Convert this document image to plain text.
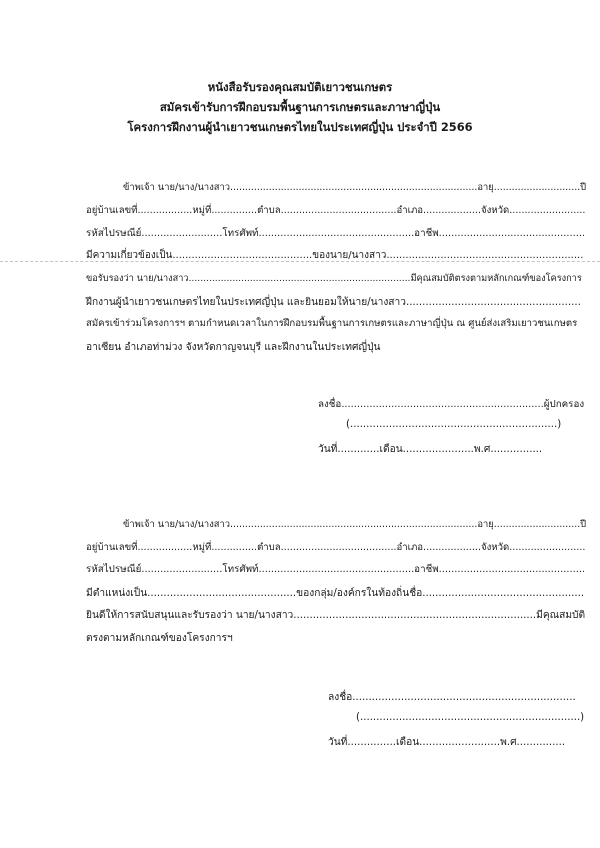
หนังสือรับรองคุณสมบัติเยาวชนเกษตร
สมัครเข้ารับการฝึกอบรมพื้นฐานการเกษตรและภาษาญี่ปุ่น
โครงการฝึกงานผู้นำเยาวชนเกษตรไทยในประเทศญี่ปุ่น ประจำปี 2566
ข้าพเจ้า นาย/นาง/นางสาว...................................................................................อายุ.............................ปี
อยู่บ้านเลขที่..................หมู่ที่...............ตำบล......................................อำเภอ...................จังหวัด.........................
รหัสไปรษณีย์..........................โทรศัพท์..................................................อาชีพ...............................................
มีความเกี่ยวข้องเป็น............................................ของนาย/นางสาว..............................................................
ขอรับรองว่า นาย/นางสาว............................................................................มีคุณสมบัติตรงตามหลักเกณฑ์ของโครงการ
ฝึกงานผู้นำเยาวชนเกษตรไทยในประเทศญี่ปุ่น และยินยอมให้นาย/นางสาว......................................................
สมัครเข้าร่วมโครงการฯ ตามกำหนดเวลาในการฝึกอบรมพื้นฐานการเกษตรและภาษาญี่ปุ่น ณ ศูนย์ส่งเสริมเยาวชนเกษตร
อาเซียน อำเภอท่าม่วง จังหวัดกาญจนบุรี และฝึกงานในประเทศญี่ปุ่น
ลงชื่อ.................................................................ผู้ปกครอง
(................................................................)
วันที่.............เดือน......................พ.ศ................
ข้าพเจ้า นาย/นาง/นางสาว...................................................................................อายุ.............................ปี
อยู่บ้านเลขที่..................หมู่ที่...............ตำบล......................................อำเภอ...................จังหวัด.........................
รหัสไปรษณีย์..........................โทรศัพท์..................................................อาชีพ...............................................
มีตำแหน่งเป็น..............................................ของกลุ่ม/องค์กรในท้องถิ่นชื่อ..................................................
ยินดีให้การสนับสนุนและรับรองว่า นาย/นางสาว...........................................................................มีคุณสมบัติ
ตรงตามหลักเกณฑ์ของโครงการฯ
ลงชื่อ.....................................................................
(....................................................................)
วันที่...............เดือน.........................พ.ศ...............
